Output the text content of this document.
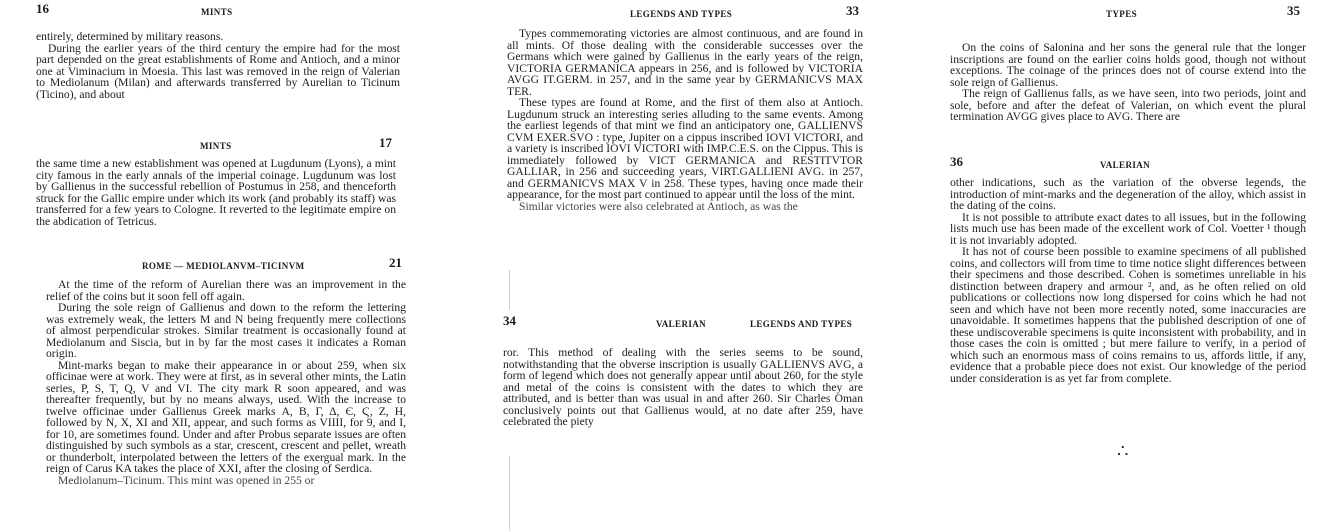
16	MINTS

entirely, determined by military reasons.

During the earlier years of the third century the empire had for the most part depended on the great establishments of Rome and Antioch, and a minor one at Viminacium in Moesia. This last was removed in the reign of Valerian to Mediolanum (Milan) and afterwards transferred by Aurelian to Ticinum (Ticino), and about

MINTS	17

the same time a new establishment was opened at Lugdunum (Lyons), a mint city famous in the early annals of the imperial coinage. Lugdunum was lost by Gallienus in the successful rebellion of Postumus in 258, and thenceforth struck for the Gallic empire under which its work (and probably its staff) was transferred for a few years to Cologne. It reverted to the legitimate empire on the abdication of Tetricus.

ROME — MEDIOLANVM–TICINVM	21

At the time of the reform of Aurelian there was an improvement in the relief of the coins but it soon fell off again.

During the sole reign of Gallienus and down to the reform the lettering was extremely weak, the letters M and N being frequently mere collections of almost perpendicular strokes. Similar treatment is occasionally found at Mediolanum and Siscia, but in by far the most cases it indicates a Roman origin.

Mint-marks began to make their appearance in or about 259, when six officinae were at work. They were at first, as in several other mints, the Latin series, P, S, T, Q, V and VI. The city mark R soon appeared, and was thereafter frequently, but by no means always, used. With the increase to twelve officinae under Gallienus Greek marks Α, Β, Γ, Δ, Є, Ϛ, Z, H, followed by N, X, XI and XII, appear, and such forms as VIIII, for 9, and I, for 10, are sometimes found. Under and after Probus separate issues are often distinguished by such symbols as a star, crescent, crescent and pellet, wreath or thunderbolt, interpolated between the letters of the exergual mark. In the reign of Carus KA takes the place of XXI, after the closing of Serdica.

Mediolanum–Ticinum. This mint was opened in 255 or

LEGENDS AND TYPES	33

Types commemorating victories are almost continuous, and are found in all mints. Of those dealing with the considerable successes over the Germans which were gained by Gallienus in the early years of the reign, VICTORIA GERMANICA appears in 256, and is followed by VICTORIA AVGG IT.GERM. in 257, and in the same year by GERMANICVS MAX TER.

These types are found at Rome, and the first of them also at Antioch. Lugdunum struck an interesting series alluding to the same events. Among the earliest legends of that mint we find an anticipatory one, GALLIENVS CVM EXER.SVO : type, Jupiter on a cippus inscribed IOVI VICTORI, and a variety is inscribed IOVI VICTORI with IMP.C.E.S. on the Cippus. This is immediately followed by VICT GERMANICA and RESTITVTOR GALLIAR, in 256 and succeeding years, VIRT.GALLIENI AVG. in 257, and GERMANICVS MAX V in 258. These types, having once made their appearance, for the most part continued to appear until the loss of the mint.

Similar victories were also celebrated at Antioch, as was the

34	VALERIAN	LEGENDS AND TYPES

ror. This method of dealing with the series seems to be sound, notwithstanding that the obverse inscription is usually GALLIENVS AVG, a form of legend which does not generally appear until about 260, for the style and metal of the coins is consistent with the dates to which they are attributed, and is better than was usual in and after 260. Sir Charles Oman conclusively points out that Gallienus would, at no date after 259, have celebrated the piety

TYPES	35

On the coins of Salonina and her sons the general rule that the longer inscriptions are found on the earlier coins holds good, though not without exceptions. The coinage of the princes does not of course extend into the sole reign of Gallienus.

The reign of Gallienus falls, as we have seen, into two periods, joint and sole, before and after the defeat of Valerian, on which event the plural termination AVGG gives place to AVG. There are

36	VALERIAN

other indications, such as the variation of the obverse legends, the introduction of mint-marks and the degeneration of the alloy, which assist in the dating of the coins.

It is not possible to attribute exact dates to all issues, but in the following lists much use has been made of the excellent work of Col. Voetter ¹ though it is not invariably adopted.

It has not of course been possible to examine specimens of all published coins, and collectors will from time to time notice slight differences between their specimens and those described. Cohen is sometimes unreliable in his distinction between drapery and armour ², and, as he often relied on old publications or collections now long dispersed for coins which he had not seen and which have not been more recently noted, some inaccuracies are unavoidable. It sometimes happens that the published description of one of these undiscoverable specimens is quite inconsistent with probability, and in those cases the coin is omitted ; but mere failure to verify, in a period of which such an enormous mass of coins remains to us, affords little, if any, evidence that a probable piece does not exist. Our knowledge of the period under consideration is as yet far from complete.

∴
